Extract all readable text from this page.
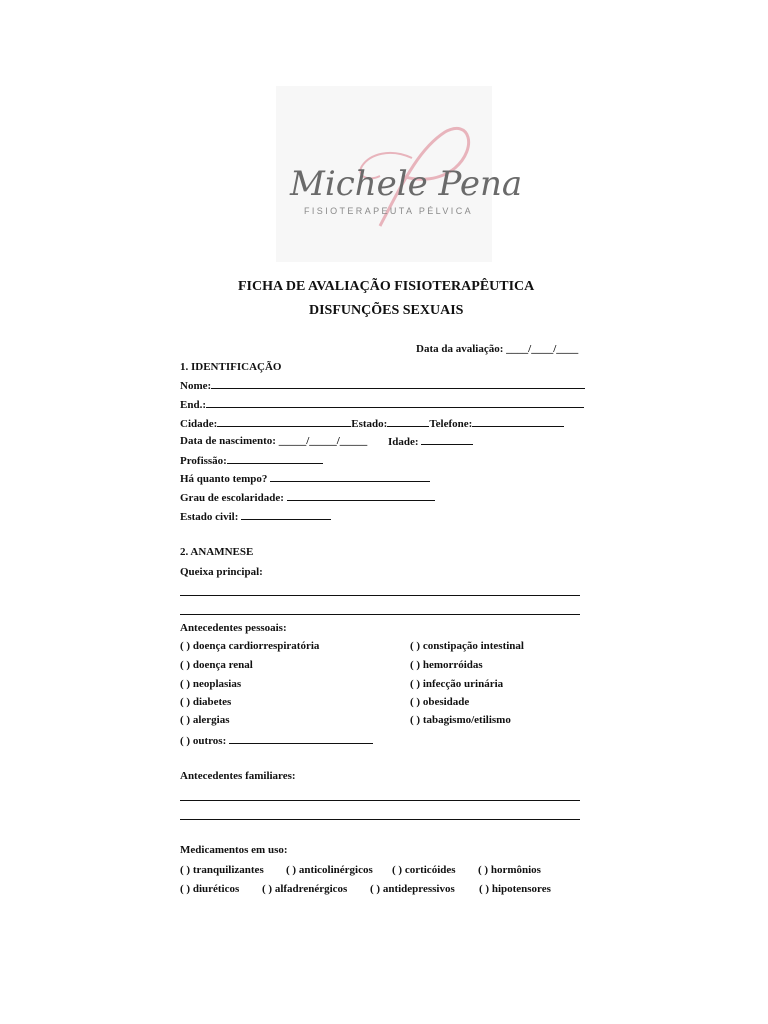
Michele Pena
FISIOTERAPEUTA PÉLVICA
FICHA DE AVALIAÇÃO FISIOTERAPÊUTICA
DISFUNÇÕES SEXUAIS
Data da avaliação: ____/____/____
1. IDENTIFICAÇÃO
Nome:
End.:
Cidade:	Estado:	Telefone:
Data de nascimento: _____/_____/_____ Idade:
Profissão:
Há quanto tempo?
Grau de escolaridade:
Estado civil:
2. ANAMNESE
Queixa principal:
Antecedentes pessoais:
( ) doença cardiorrespiratória
( ) doença renal
( ) neoplasias
( ) diabetes
( ) alergias
( ) outros:
( ) constipação intestinal
( ) hemorróidas
( ) infecção urinária
( ) obesidade
( ) tabagismo/etilismo
Antecedentes familiares:
Medicamentos em uso:
( ) tranquilizantes ( ) anticolinérgicos ( ) corticóides ( ) hormônios
( ) diuréticos ( ) alfadrenérgicos ( ) antidepressivos ( ) hipotensores
